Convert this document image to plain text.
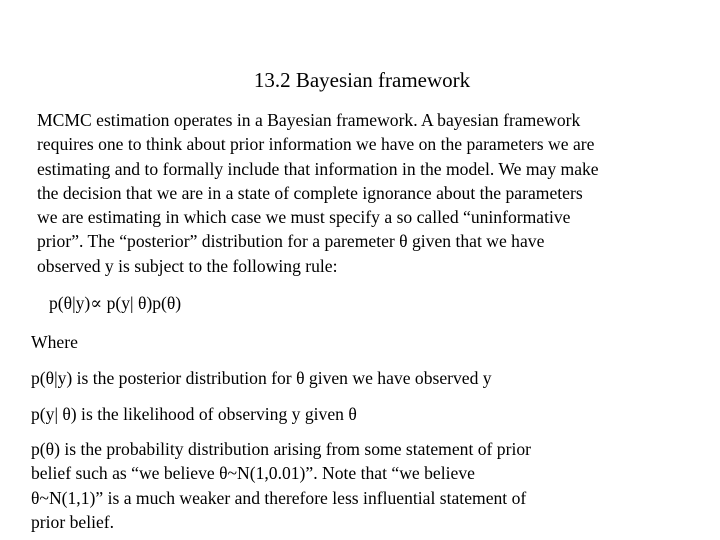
13.2 Bayesian framework
MCMC estimation operates in a Bayesian framework. A bayesian framework
requires one to think about prior information we have on the parameters we are
estimating and to formally include that information in the model. We may make
the decision that we are in a state of complete ignorance about the parameters
we are estimating in which case we must specify a so called “uninformative
prior”. The “posterior” distribution for a paremeter θ given that we have
observed y is subject to the following rule:
p(θ|y)∝ p(y| θ)p(θ)
Where
p(θ|y) is the posterior distribution for θ given we have observed y
p(y| θ) is the likelihood of observing y given θ
p(θ) is the probability distribution arising from some statement of prior
belief such as “we believe θ~N(1,0.01)”. Note that “we believe
θ~N(1,1)” is a much weaker and therefore less influential statement of
prior belief.
